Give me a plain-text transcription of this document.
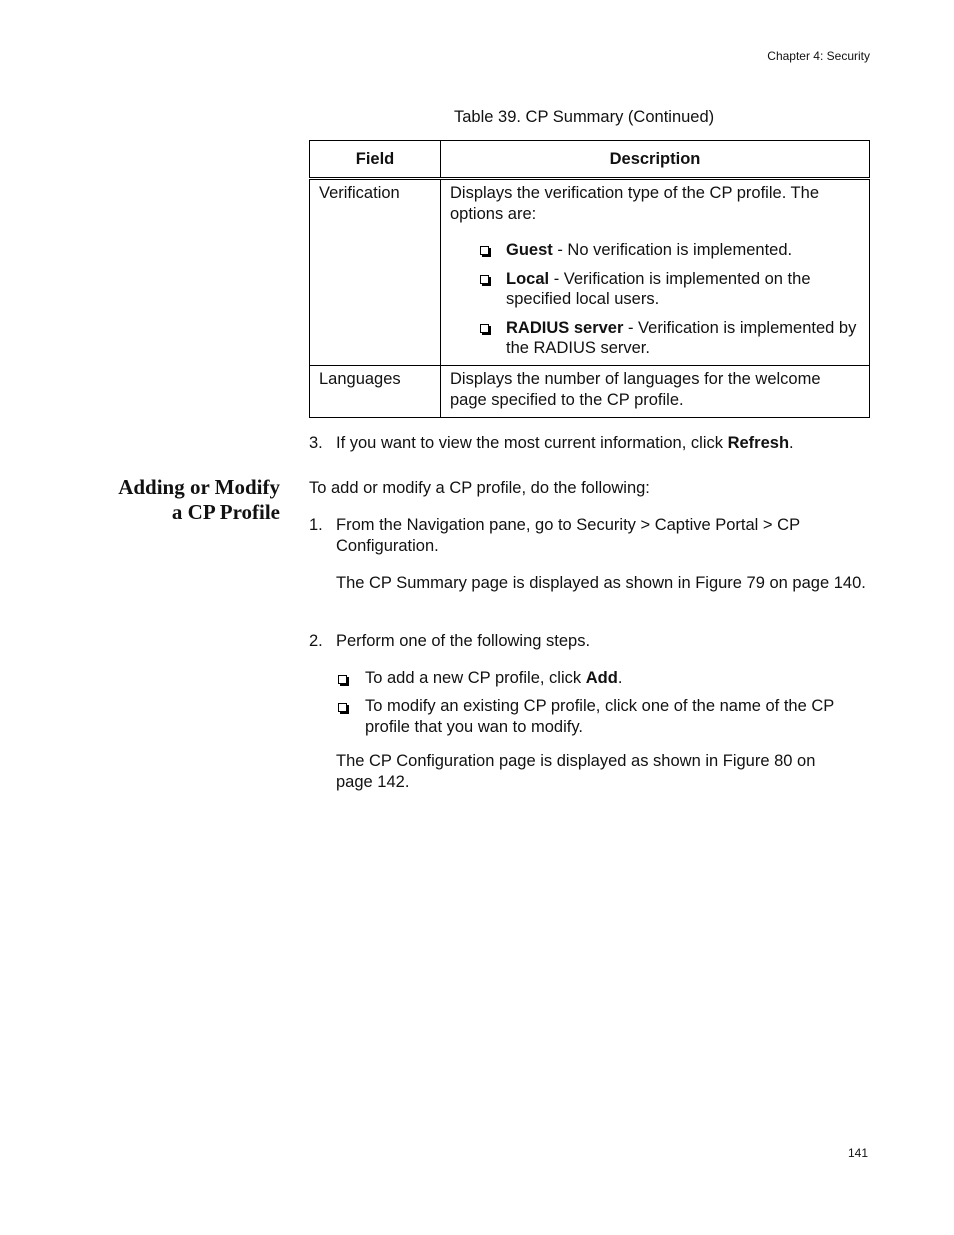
Chapter 4: Security
Table 39. CP Summary (Continued)
Field	Description
Verification	Displays the verification type of the CP profile. The options are:
Guest - No verification is implemented.
Local - Verification is implemented on the specified local users.
RADIUS server - Verification is implemented by the RADIUS server.

Languages	Displays the number of languages for the welcome page specified to the CP profile.
3. If you want to view the most current information, click Refresh.
Adding or Modify
a CP Profile
To add or modify a CP profile, do the following:
1. From the Navigation pane, go to Security > Captive Portal > CP Configuration.
The CP Summary page is displayed as shown in Figure 79 on page 140.
2. Perform one of the following steps.
To add a new CP profile, click Add.
To modify an existing CP profile, click one of the name of the CP profile that you wan to modify.
The CP Configuration page is displayed as shown in Figure 80 on page 142.
141
